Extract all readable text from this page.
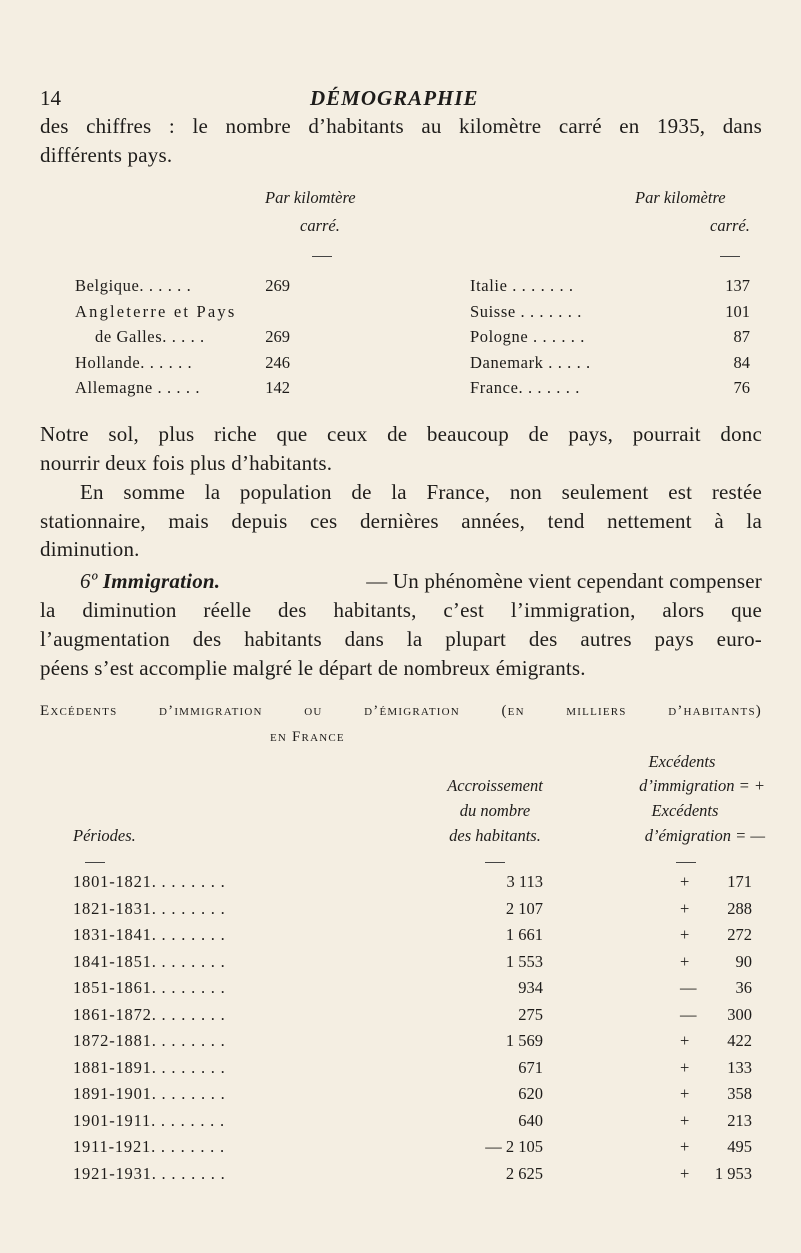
14	DÉMOGRAPHIE
des chiffres : le nombre d’habitants au kilomètre carré en 1935, dans
différents pays.
Par kilomtère
carré.
Par kilomètre
carré.
Belgique. . . . . .	269
Angleterre et Pays
de Galles. . . . .	269
Hollande. . . . . .	246
Allemagne . . . . .	142
Italie . . . . . . .	137
Suisse . . . . . . .	101
Pologne . . . . . .	87
Danemark . . . . .	84
France. . . . . . .	76
Notre sol, plus riche que ceux de beaucoup de pays, pourrait donc
nourrir deux fois plus d’habitants.
En somme la population de la France, non seulement est restée
stationnaire, mais depuis ces dernières années, tend nettement à la
diminution.
6º Immigration.	— Un phénomène vient cependant compenser
la diminution réelle des habitants, c’est l’immigration, alors que
l’augmentation des habitants dans la plupart des autres pays euro-
péens s’est accomplie malgré le départ de nombreux émigrants.
Excédents d’immigration ou d’émigration (en milliers d’habitants)
en France
Excédents
Accroissement	d’immigration = +
du nombre	Excédents
Périodes.	des habitants.	d’émigration = —
1801-1821. . . . . . . .	3 113	+	171
1821-1831. . . . . . . .	2 107	+	288
1831-1841. . . . . . . .	1 661	+	272
1841-1851. . . . . . . .	1 553	+	90
1851-1861. . . . . . . .	934	—	36
1861-1872. . . . . . . .	275	—	300
1872-1881. . . . . . . .	1 569	+	422
1881-1891. . . . . . . .	671	+	133
1891-1901. . . . . . . .	620	+	358
1901-1911. . . . . . . .	640	+	213
1911-1921. . . . . . . .	— 2 105	+	495
1921-1931. . . . . . . .	2 625	+	1 953
